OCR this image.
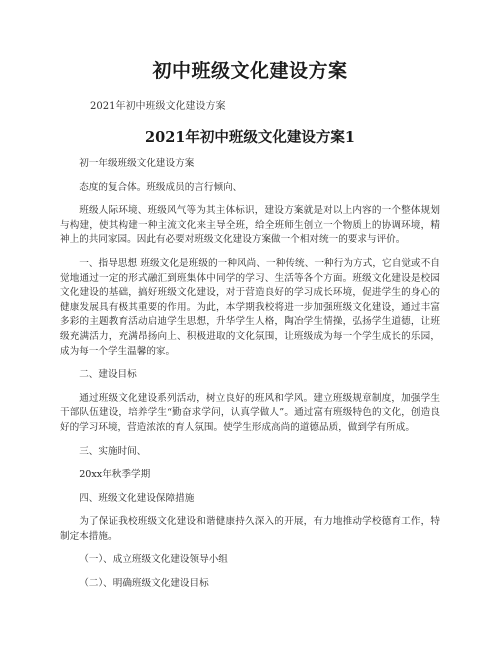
初中班级文化建设方案
2021年初中班级文化建设方案
2021年初中班级文化建设方案1

初一年级班级文化建设方案

态度的复合体。班级成员的言行倾向、

班级人际环境、班级风气等为其主体标识，建设方案就是对以上内容的一个整体规划与构建，使其构建一种主流文化来主导全班，给全班师生创立一个物质上的协调环境，精神上的共同家园。因此有必要对班级文化建设方案做一个相对统一的要求与评价。

一、指导思想 班级文化是班级的一种风尚、一种传统、一种行为方式，它自觉或不自觉地通过一定的形式融汇到班集体中同学的学习、生活等各个方面。班级文化建设是校园文化建设的基础，搞好班级文化建设，对于营造良好的学习成长环境，促进学生的身心的健康发展具有极其重要的作用。为此，本学期我校将进一步加强班级文化建设，通过丰富多彩的主题教育活动启迪学生思想，升华学生人格，陶冶学生情操，弘扬学生道德，让班级充满活力，充满昂扬向上、积极进取的文化氛围，让班级成为每一个学生成长的乐园，成为每一个学生温馨的家。

二、建设目标

通过班级文化建设系列活动，树立良好的班风和学风。建立班级规章制度，加强学生干部队伍建设，培养学生“勤奋求学问，认真学做人”。通过富有班级特色的文化，创造良好的学习环境，营造浓浓的育人氛围。使学生形成高尚的道德品质，做到学有所成。

三、实施时间、

20xx年秋季学期

四、班级文化建设保障措施

为了保证我校班级文化建设和谐健康持久深入的开展，有力地推动学校德育工作，特制定本措施。

（一）、成立班级文化建设领导小组

（二）、明确班级文化建设目标
